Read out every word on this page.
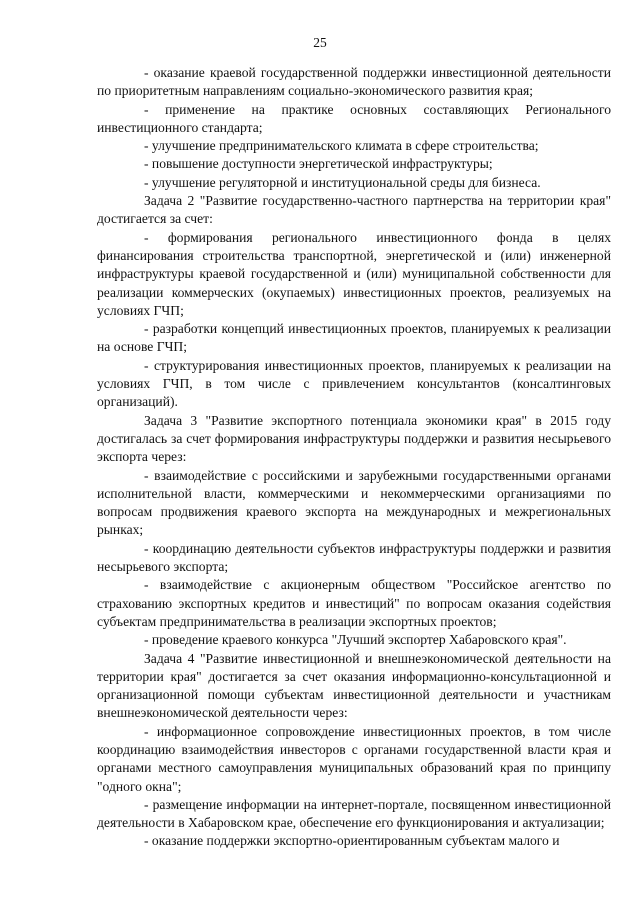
25

- оказание краевой государственной поддержки инвестиционной деятельности по приоритетным направлениям социально-экономического развития края;

- применение на практике основных составляющих Регионального инвестиционного стандарта;

- улучшение предпринимательского климата в сфере строительства;

- повышение доступности энергетической инфраструктуры;

- улучшение регуляторной и институциональной среды для бизнеса.

Задача 2 "Развитие государственно-частного партнерства на территории края" достигается за счет:

- формирования регионального инвестиционного фонда в целях финансирования строительства транспортной, энергетической и (или) инженерной инфраструктуры краевой государственной и (или) муниципальной собственности для реализации коммерческих (окупаемых) инвестиционных проектов, реализуемых на условиях ГЧП;

- разработки концепций инвестиционных проектов, планируемых к реализации на основе ГЧП;

- структурирования инвестиционных проектов, планируемых к реализации на условиях ГЧП, в том числе с привлечением консультантов (консалтинговых организаций).

Задача 3 "Развитие экспортного потенциала экономики края" в 2015 году достигалась за счет формирования инфраструктуры поддержки и развития несырьевого экспорта через:

- взаимодействие с российскими и зарубежными государственными органами исполнительной власти, коммерческими и некоммерческими организациями по вопросам продвижения краевого экспорта на международных и межрегиональных рынках;

- координацию деятельности субъектов инфраструктуры поддержки и развития несырьевого экспорта;

- взаимодействие с акционерным обществом "Российское агентство по страхованию экспортных кредитов и инвестиций" по вопросам оказания содействия субъектам предпринимательства в реализации экспортных проектов;

- проведение краевого конкурса "Лучший экспортер Хабаровского края".

Задача 4 "Развитие инвестиционной и внешнеэкономической деятельности на территории края" достигается за счет оказания информационно-консультационной и организационной помощи субъектам инвестиционной деятельности и участникам внешнеэкономической деятельности через:

- информационное сопровождение инвестиционных проектов, в том числе координацию взаимодействия инвесторов с органами государственной власти края и органами местного самоуправления муниципальных образований края по принципу "одного окна";

- размещение информации на интернет-портале, посвященном инвестиционной деятельности в Хабаровском крае, обеспечение его функционирования и актуализации;

- оказание поддержки экспортно-ориентированным субъектам малого и
